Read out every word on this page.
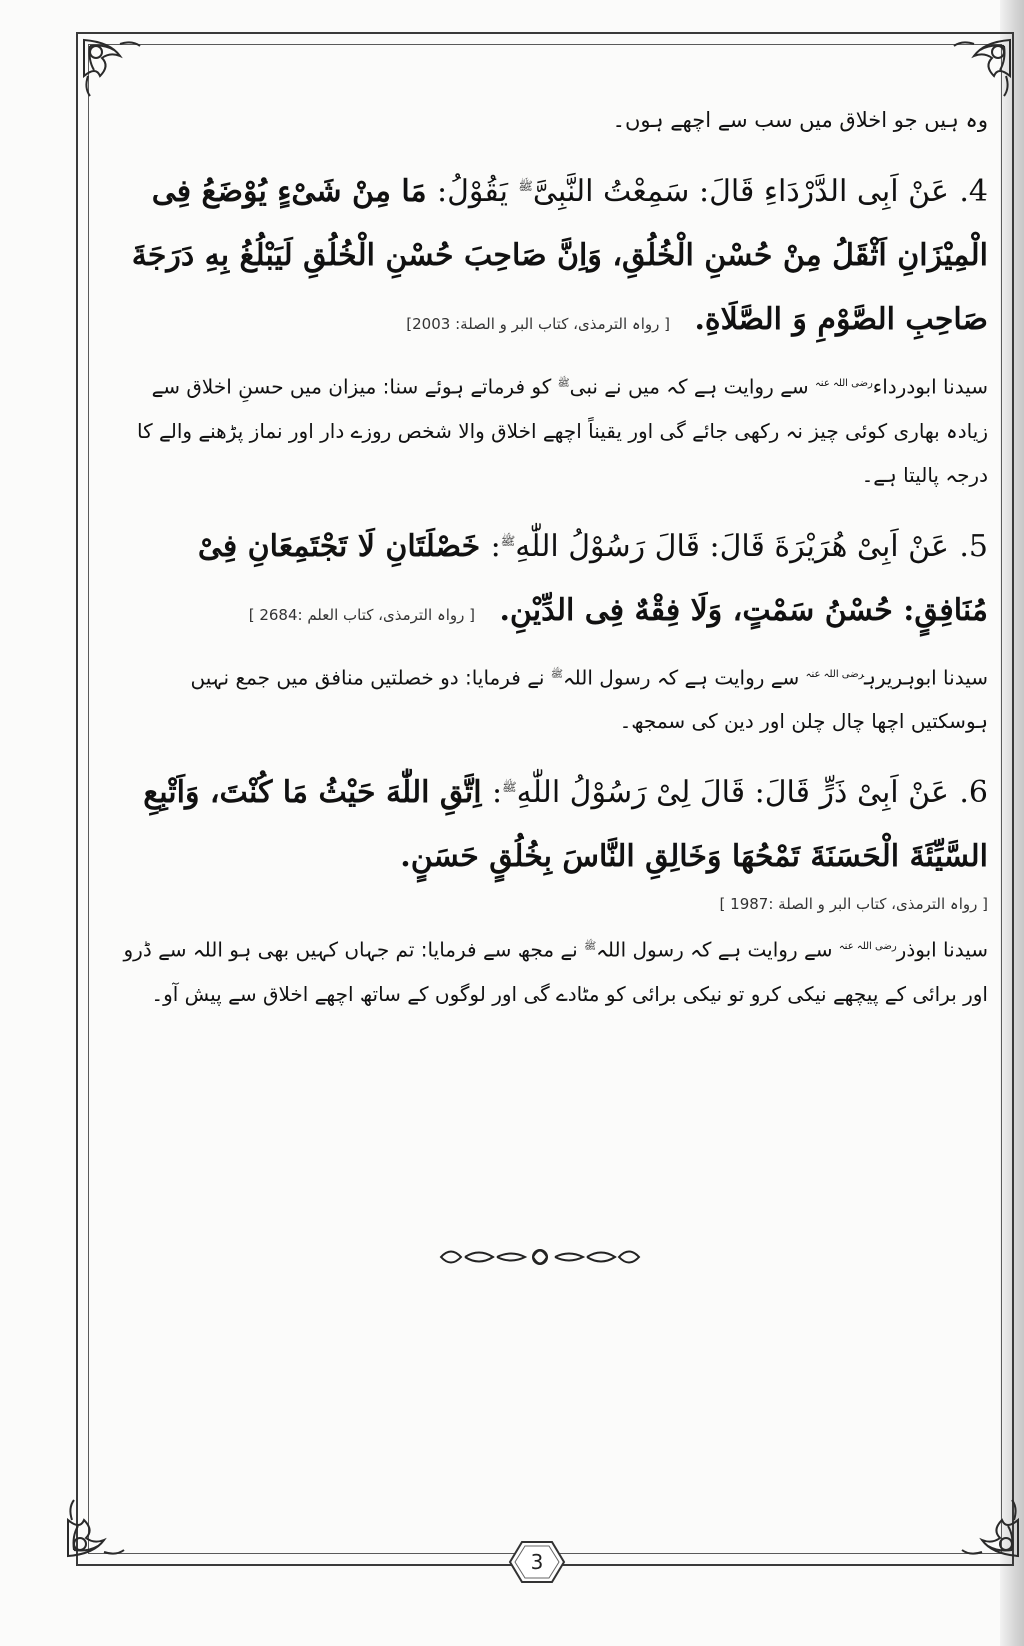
وہ ہیں جو اخلاق میں سب سے اچھے ہوں۔

4. عَنْ اَبِی الدَّرْدَاءِ قَالَ: سَمِعْتُ النَّبِیَّ$^ﷺ$ یَقُوْلُ: مَا مِنْ شَیْءٍ یُوْضَعُ فِی الْمِیْزَانِ اَثْقَلُ مِنْ حُسْنِ الْخُلُقِ، وَاِنَّ صَاحِبَ حُسْنِ الْخُلُقِ لَیَبْلُغُ بِهِ دَرَجَةَ صَاحِبِ الصَّوْمِ وَ الصَّلَاةِ. [ رواہ الترمذی، کتاب البر و الصلة: 2003]

سیدنا ابودرداء$^{رضی اللہ عنہ}$ سے روایت ہے کہ میں نے نبی$^ﷺ$ کو فرماتے ہوئے سنا: میزان میں حسنِ اخلاق سے زیادہ بھاری کوئی چیز نہ رکھی جائے گی اور یقیناً اچھے اخلاق والا شخص روزے دار اور نماز پڑھنے والے کا درجہ پالیتا ہے۔

5. عَنْ اَبِیْ هُرَیْرَةَ قَالَ: قَالَ رَسُوْلُ اللّٰهِ$^ﷺ$: خَصْلَتَانِ لَا تَجْتَمِعَانِ فِیْ مُنَافِقٍ: حُسْنُ سَمْتٍ، وَلَا فِقْهٌ فِی الدِّیْنِ. [ رواہ الترمذی، کتاب العلم :2684 ]

سیدنا ابوہریرہ$^{رضی اللہ عنہ}$ سے روایت ہے کہ رسول اللہ$^ﷺ$ نے فرمایا: دو خصلتیں منافق میں جمع نہیں ہوسکتیں اچھا چال چلن اور دین کی سمجھ۔

6. عَنْ اَبِیْ ذَرٍّ قَالَ: قَالَ لِیْ رَسُوْلُ اللّٰهِ$^ﷺ$: اِتَّقِ اللّٰهَ حَیْثُ مَا کُنْتَ، وَاَتْبِعِ السَّیِّئَةَ الْحَسَنَةَ تَمْحُهَا وَخَالِقِ النَّاسَ بِخُلُقٍ حَسَنٍ.

[ رواہ الترمذی، کتاب البر و الصلة :1987 ]

سیدنا ابوذر$^{رضی اللہ عنہ}$ سے روایت ہے کہ رسول اللہ$^ﷺ$ نے مجھ سے فرمایا: تم جہاں کہیں بھی ہو اللہ سے ڈرو اور برائی کے پیچھے نیکی کرو تو نیکی برائی کو مٹادے گی اور لوگوں کے ساتھ اچھے اخلاق سے پیش آو۔

3
